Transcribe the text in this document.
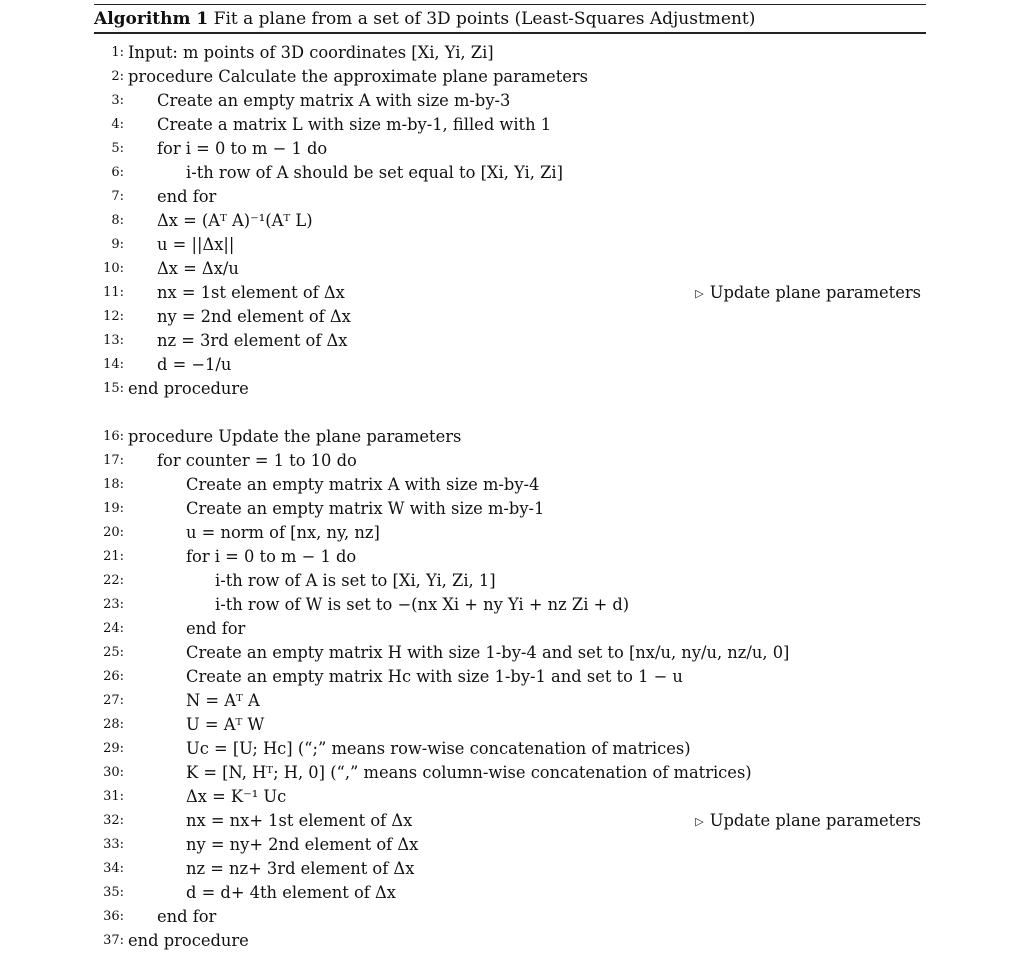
Algorithm 1 Fit a plane from a set of 3D points (Least-Squares Adjustment)
1: Input: m points of 3D coordinates [Xi, Yi, Zi]
2: procedure Calculate the approximate plane parameters
3: Create an empty matrix A with size m-by-3
4: Create a matrix L with size m-by-1, filled with 1
5: for i = 0 to m − 1 do
6:	i-th row of A should be set equal to [Xi, Yi, Zi]
7: end for
8: Δx = (Aᵀ A)⁻¹(Aᵀ L)
9: u = ||Δx||
10: Δx = Δx/u
11: nx = 1st element of Δx	▷ Update plane parameters
12: ny = 2nd element of Δx
13: nz = 3rd element of Δx
14: d = −1/u
15: end procedure
16: procedure Update the plane parameters
17: for counter = 1 to 10 do
18:	Create an empty matrix A with size m-by-4
19:	Create an empty matrix W with size m-by-1
20:	u = norm of [nx, ny, nz]
21:	for i = 0 to m − 1 do
22:	i-th row of A is set to [Xi, Yi, Zi, 1]
23:	i-th row of W is set to −(nx Xi + ny Yi + nz Zi + d)
24:	end for
25:	Create an empty matrix H with size 1-by-4 and set to [nx/u, ny/u, nz/u, 0]
26:	Create an empty matrix Hc with size 1-by-1 and set to 1 − u
27:	N = Aᵀ A
28:	U = Aᵀ W
29:	Uc = [U; Hc] (“;” means row-wise concatenation of matrices)
30:	K = [N, Hᵀ; H, 0] (“,” means column-wise concatenation of matrices)
31:	Δx = K⁻¹ Uc
32:	nx = nx+ 1st element of Δx	▷ Update plane parameters
33:	ny = ny+ 2nd element of Δx
34:	nz = nz+ 3rd element of Δx
35:	d = d+ 4th element of Δx
36: end for
37: end procedure
